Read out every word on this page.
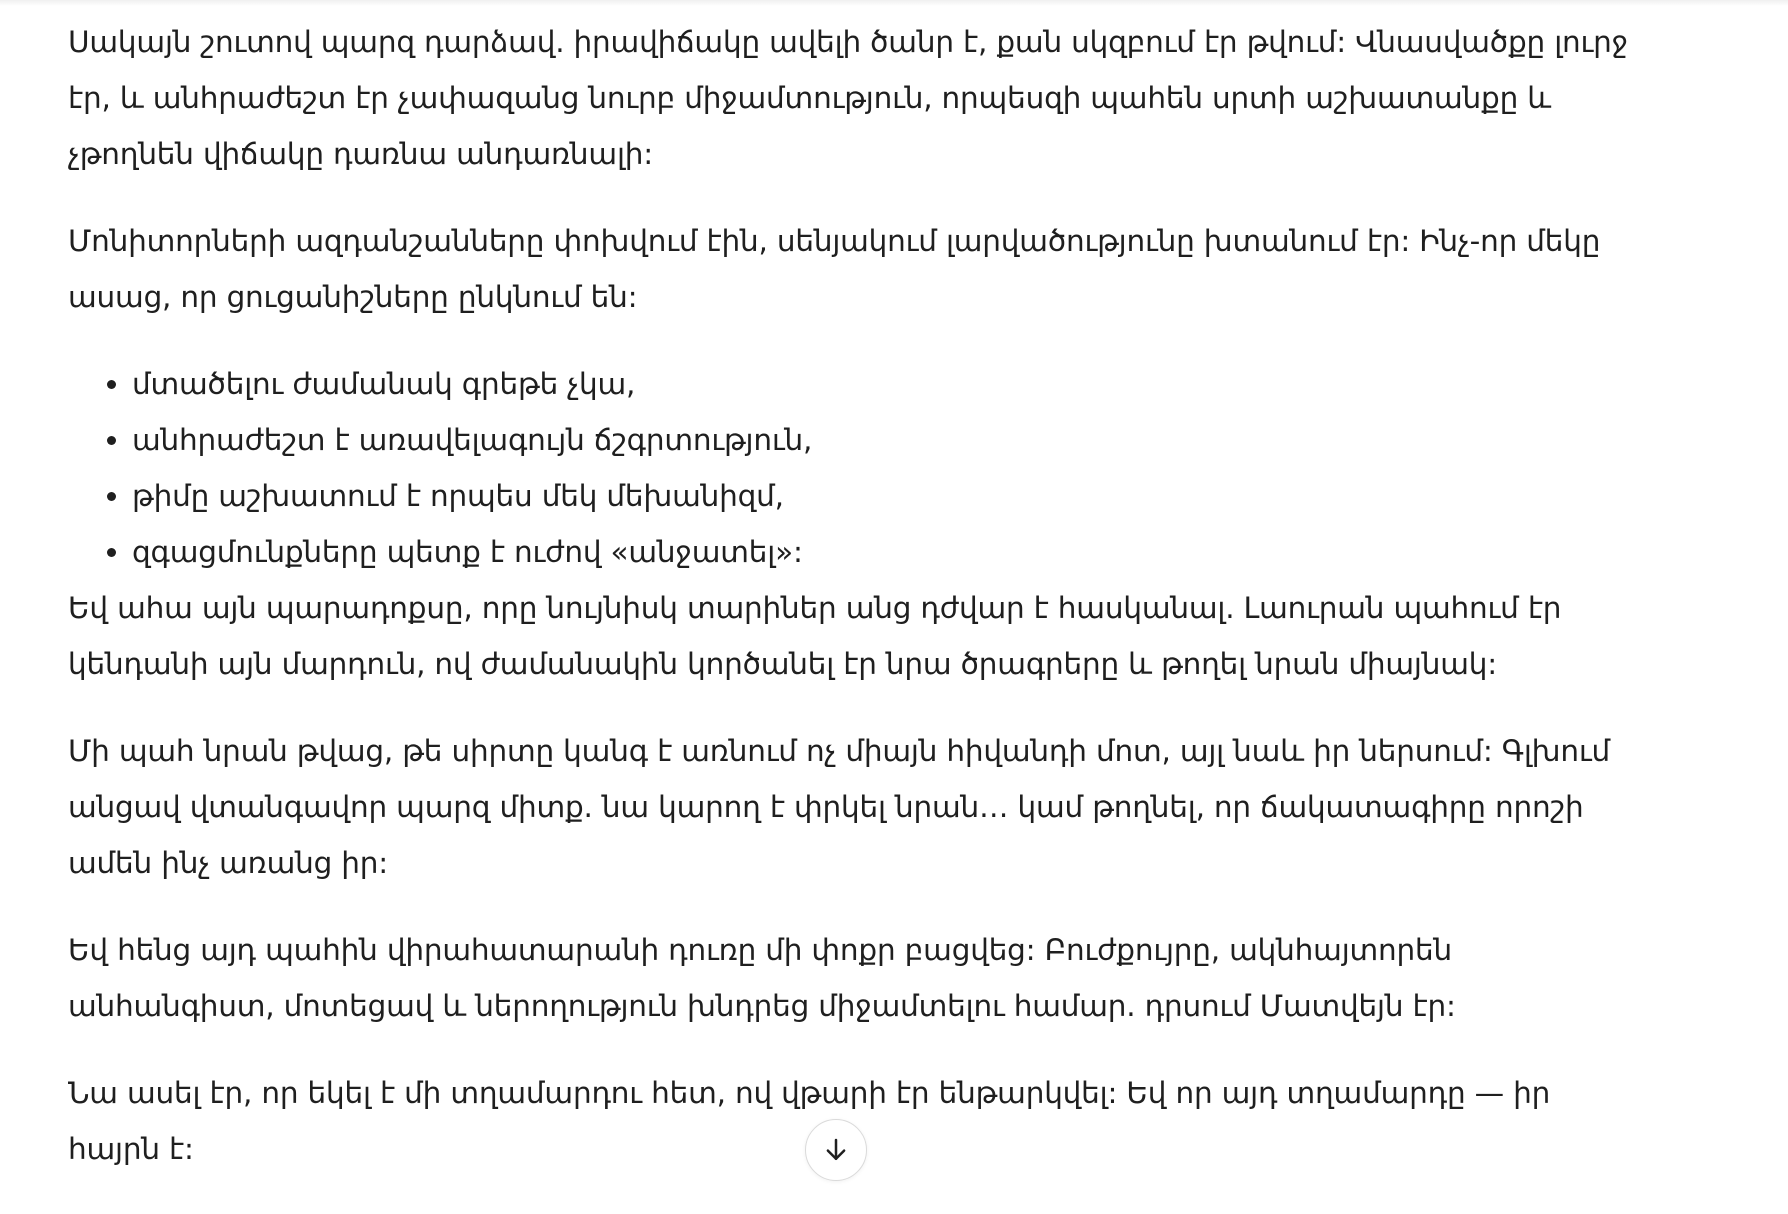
Սակայն շուտով պարզ դարձավ. իրավիճակը ավելի ծանր է, քան սկզբում էր թվում: Վնասվածքը լուրջ էր, և անհրաժեշտ էր չափազանց նուրբ միջամտություն, որպեսզի պահեն սրտի աշխատանքը և չթողնեն վիճակը դառնա անդառնալի:

Մոնիտորների ազդանշանները փոխվում էին, սենյակում լարվածությունը խտանում էր: Ինչ-որ մեկը ասաց, որ ցուցանիշները ընկնում են:

• մտածելու ժամանակ գրեթե չկա,
• անհրաժեշտ է առավելագույն ճշգրտություն,
• թիմը աշխատում է որպես մեկ մեխանիզմ,
• զգացմունքները պետք է ուժով «անջատել»:

Եվ ահա այն պարադոքսը, որը նույնիսկ տարիներ անց դժվար է հասկանալ. Լաուրան պահում էր կենդանի այն մարդուն, ով ժամանակին կործանել էր նրա ծրագրերը և թողել նրան միայնակ:

Մի պահ նրան թվաց, թե սիրտը կանգ է առնում ոչ միայն հիվանդի մոտ, այլ նաև իր ներսում: Գլխում անցավ վտանգավոր պարզ միտք. նա կարող է փրկել նրան… կամ թողնել, որ ճակատագիրը որոշի ամեն ինչ առանց իր:

Եվ հենց այդ պահին վիրահատարանի դուռը մի փոքր բացվեց: Բուժքույրը, ակնհայտորեն անհանգիստ, մոտեցավ և ներողություն խնդրեց միջամտելու համար. դրսում Մատվեյն էր:

Նա ասել էր, որ եկել է մի տղամարդու հետ, ով վթարի էր ենթարկվել: Եվ որ այդ տղամարդը — իր հայրն է:
